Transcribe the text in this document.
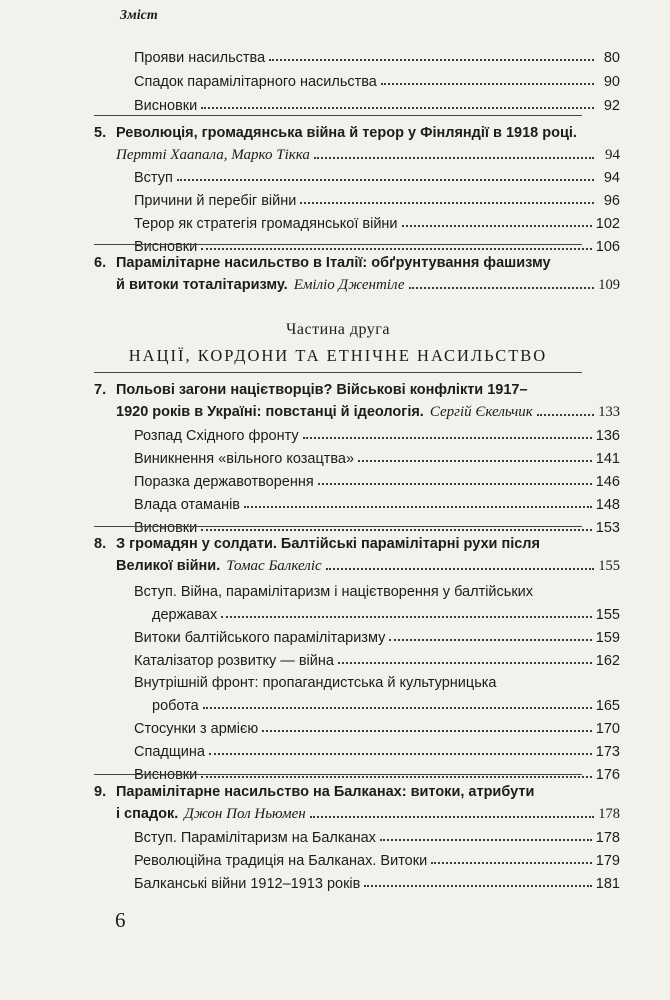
Зміст
Прояви насильства	80
Спадок парамілітарного насильства	90
Висновки	92
5. Революція, громадянська війна й терор у Фінляндії в 1918 році.
Пертті Хаапала, Марко Тікка	94
Вступ	94
Причини й перебіг війни	96
Терор як стратегія громадянської війни	102
Висновки	106
6. Парамілітарне насильство в Італії: обґрунтування фашизму
й витоки тоталітаризму. Еміліо Джентіле	109
Частина друга
НАЦІЇ, КОРДОНИ ТА ЕТНІЧНЕ НАСИЛЬСТВО
7. Польові загони націєтворців? Військові конфлікти 1917–
1920 років в Україні: повстанці й ідеологія. Сергій Єкельчик	133
Розпад Східного фронту	136
Виникнення «вільного козацтва»	141
Поразка державотворення	146
Влада отаманів	148
Висновки	153
8. З громадян у солдати. Балтійські парамілітарні рухи після
Великої війни. Томас Балкеліс	155
Вступ. Війна, парамілітаризм і націєтворення у балтійських
державах	155
Витоки балтійського парамілітаризму	159
Каталізатор розвитку — війна	162
Внутрішній фронт: пропагандистська й культурницька
робота	165
Стосунки з армією	170
Спадщина	173
Висновки	176
9. Парамілітарне насильство на Балканах: витоки, атрибути
і спадок. Джон Пол Ньюмен	178
Вступ. Парамілітаризм на Балканах	178
Революційна традиція на Балканах. Витоки	179
Балканські війни 1912–1913 років	181
6
